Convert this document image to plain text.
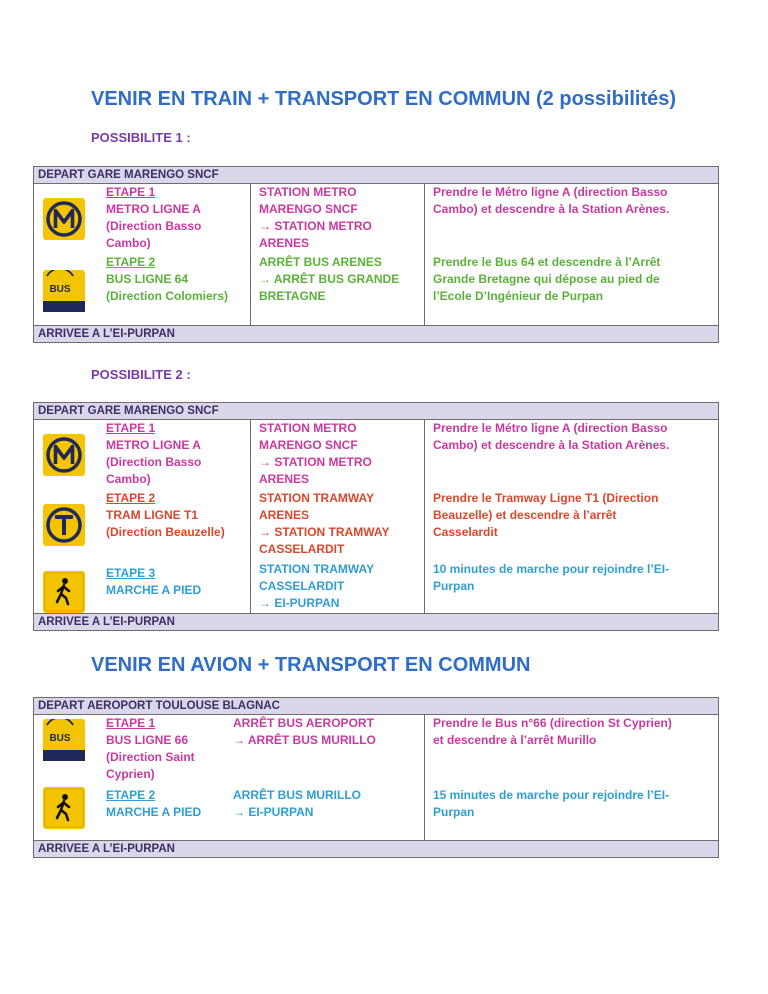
VENIR EN TRAIN + TRANSPORT EN COMMUN (2 possibilités)
POSSIBILITE 1 :
DEPART GARE MARENGO SNCF
ETAPE 1
METRO LIGNE A
(Direction Basso
Cambo)
STATION METRO
MARENGO SNCF
→ STATION METRO
ARENES
Prendre le Métro ligne A (direction Basso
Cambo) et descendre à la Station Arènes.
BUS
ETAPE 2
BUS LIGNE 64
(Direction Colomiers)
ARRÊT BUS ARENES
→ ARRÊT BUS GRANDE
BRETAGNE
Prendre le Bus 64 et descendre à l’Arrêt
Grande Bretagne qui dépose au pied de
l’Ecole D’Ingénieur de Purpan
ARRIVEE A L’EI-PURPAN
POSSIBILITE 2 :
DEPART GARE MARENGO SNCF
ETAPE 1
METRO LIGNE A
(Direction Basso
Cambo)
STATION METRO
MARENGO SNCF
→ STATION METRO
ARENES
Prendre le Métro ligne A (direction Basso
Cambo) et descendre à la Station Arènes.
ETAPE 2
TRAM LIGNE T1
(Direction Beauzelle)
STATION TRAMWAY
ARENES
→ STATION TRAMWAY
CASSELARDIT
Prendre le Tramway Ligne T1 (Direction
Beauzelle) et descendre à l’arrêt
Casselardit
ETAPE 3
MARCHE A PIED
STATION TRAMWAY
CASSELARDIT
→ EI-PURPAN
10 minutes de marche pour rejoindre l’EI-
Purpan
ARRIVEE A L’EI-PURPAN
VENIR EN AVION + TRANSPORT EN COMMUN
DEPART AEROPORT TOULOUSE BLAGNAC
BUS
ETAPE 1
BUS LIGNE 66
(Direction Saint
Cyprien)
ARRÊT BUS AEROPORT
→ ARRÊT BUS MURILLO
Prendre le Bus n°66 (direction St Cyprien)
et descendre à l’arrêt Murillo
ETAPE 2
MARCHE A PIED
ARRÊT BUS MURILLO
→ EI-PURPAN
15 minutes de marche pour rejoindre l’EI-
Purpan
ARRIVEE A L’EI-PURPAN
